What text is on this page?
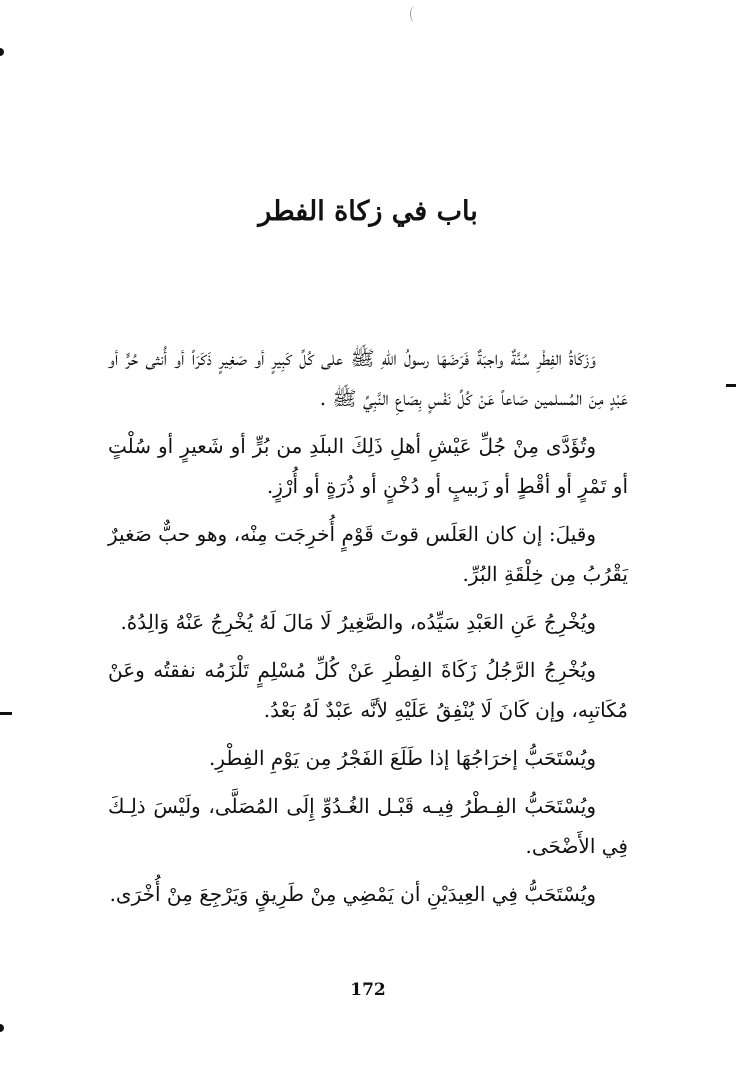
باب في زكاة الفطر

وَزَكَاةُ الفِطْرِ سُنَّةٌ واجبَةٌ فَرَضَهَا رسولُ اللّهِ ﷺ على كُلِّ كَبِيرٍ أو صَغِيرٍ ذَكَرَاً أو أُنثى حُرٍّ أو عَبْدٍ مِنَ المُسلمين صَاعاً عَنْ كُلِّ نَفْسٍ بِصَاعِ النَّبِيِّ ﷺ .

وتُؤَدَّى مِنْ جُلِّ عَيْشِ أهلِ ذَلِكَ البلَدِ من بُرٍّ أو شَعيرٍ أو سُلْتٍ أو تَمْرٍ أو أقْطٍ أو زَبيبٍ أو دُخْنٍ أو ذُرَةٍ أو أُرْزٍ.

وقيلَ: إن كان العَلَس قوتَ قَوْمٍ أُخرِجَت مِنْه، وهو حبٌّ صَغيرٌ يَقْرُبُ مِن خِلْقَةِ البُرِّ.

ويُخْرِجُ عَنِ العَبْدِ سَيِّدُه، والصَّغِيرُ لَا مَالَ لَهُ يُخْرِجُ عَنْهُ وَالِدُهُ.

ويُخْرِجُ الرَّجُلُ زَكَاةَ الفِطْرِ عَنْ كُلِّ مُسْلِمٍ تَلْزَمُه نفقتُه وعَنْ مُكَاتبِه، وإن كَانَ لَا يُنْفِقُ عَلَيْهِ لأنَّه عَبْدٌ لَهُ بَعْدُ.

ويُسْتَحَبُّ إخرَاجُهَا إذا طَلَعَ الفَجْرُ مِن يَوْمِ الفِطْرِ.

ويُسْتَحَبُّ الفِـطْرُ فِيـه قَبْـل الغُـدُوِّ إِلَى المُصَلَّى، ولَيْسَ ذلِـكَ فِي الأَضْحَى.

ويُسْتَحَبُّ فِي العِيدَيْنِ أن يَمْضِي مِنْ طَرِيقٍ وَيَرْجِعَ مِنْ أُخْرَى.

172
